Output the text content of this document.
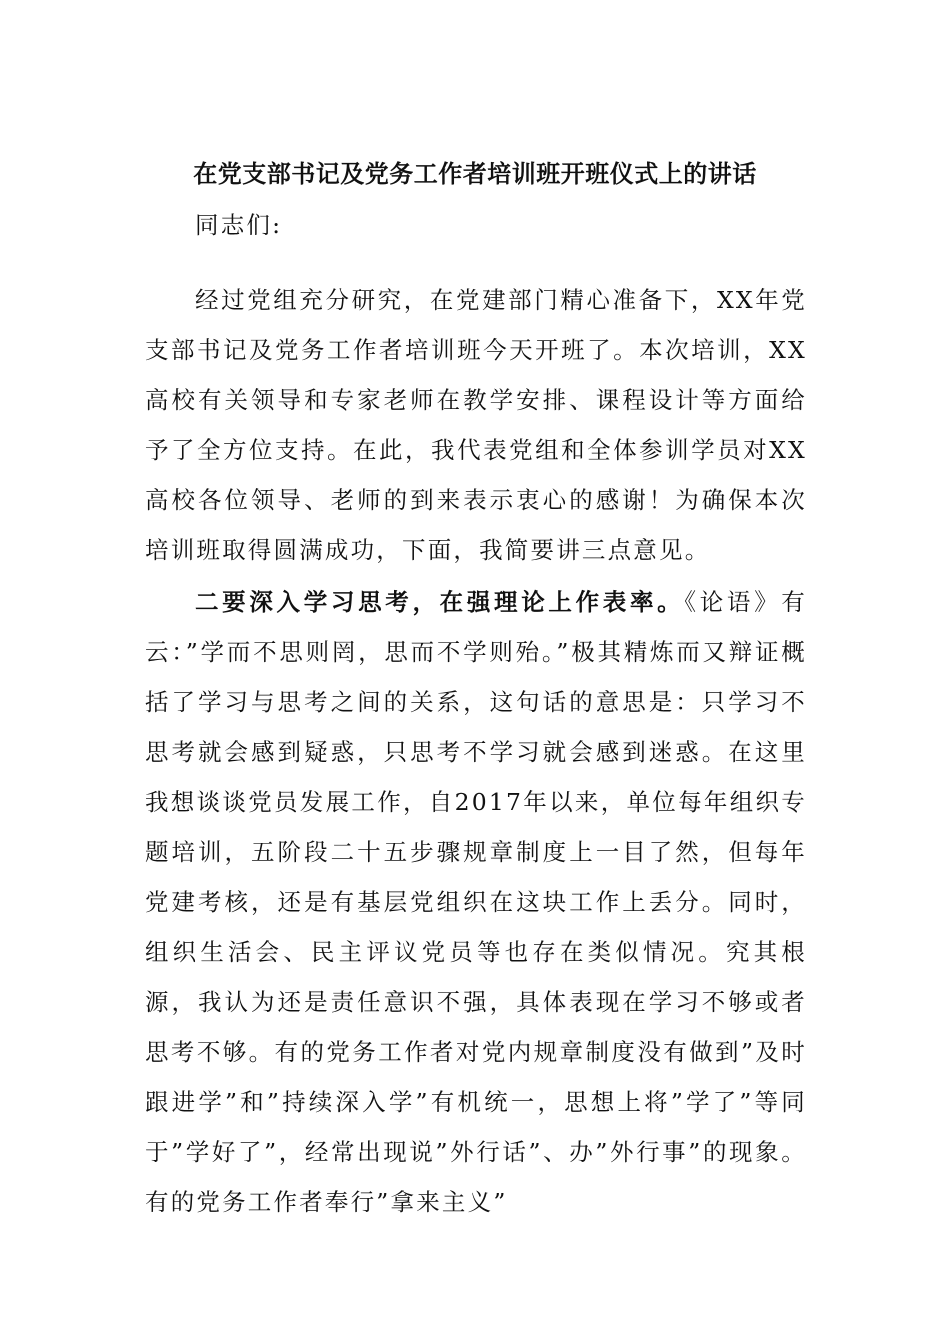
在党支部书记及党务工作者培训班开班仪式上的讲话

同志们:

经过党组充分研究，在党建部门精心准备下，XX年党支部书记及党务工作者培训班今天开班了。本次培训，XX高校有关领导和专家老师在教学安排、课程设计等方面给予了全方位支持。在此，我代表党组和全体参训学员对XX高校各位领导、老师的到来表示衷心的感谢！为确保本次培训班取得圆满成功，下面，我简要讲三点意见。

二要深入学习思考，在强理论上作表率。《论语》有云：”学而不思则罔，思而不学则殆。”极其精炼而又辩证概括了学习与思考之间的关系，这句话的意思是：只学习不思考就会感到疑惑，只思考不学习就会感到迷惑。在这里我想谈谈党员发展工作，自2017年以来，单位每年组织专题培训，五阶段二十五步骤规章制度上一目了然，但每年党建考核，还是有基层党组织在这块工作上丢分。同时，组织生活会、民主评议党员等也存在类似情况。究其根源，我认为还是责任意识不强，具体表现在学习不够或者思考不够。有的党务工作者对党内规章制度没有做到”及时跟进学”和”持续深入学”有机统一，思想上将”学了”等同于”学好了”，经常出现说”外行话”、办”外行事”的现象。有的党务工作者奉行”拿来主义”
